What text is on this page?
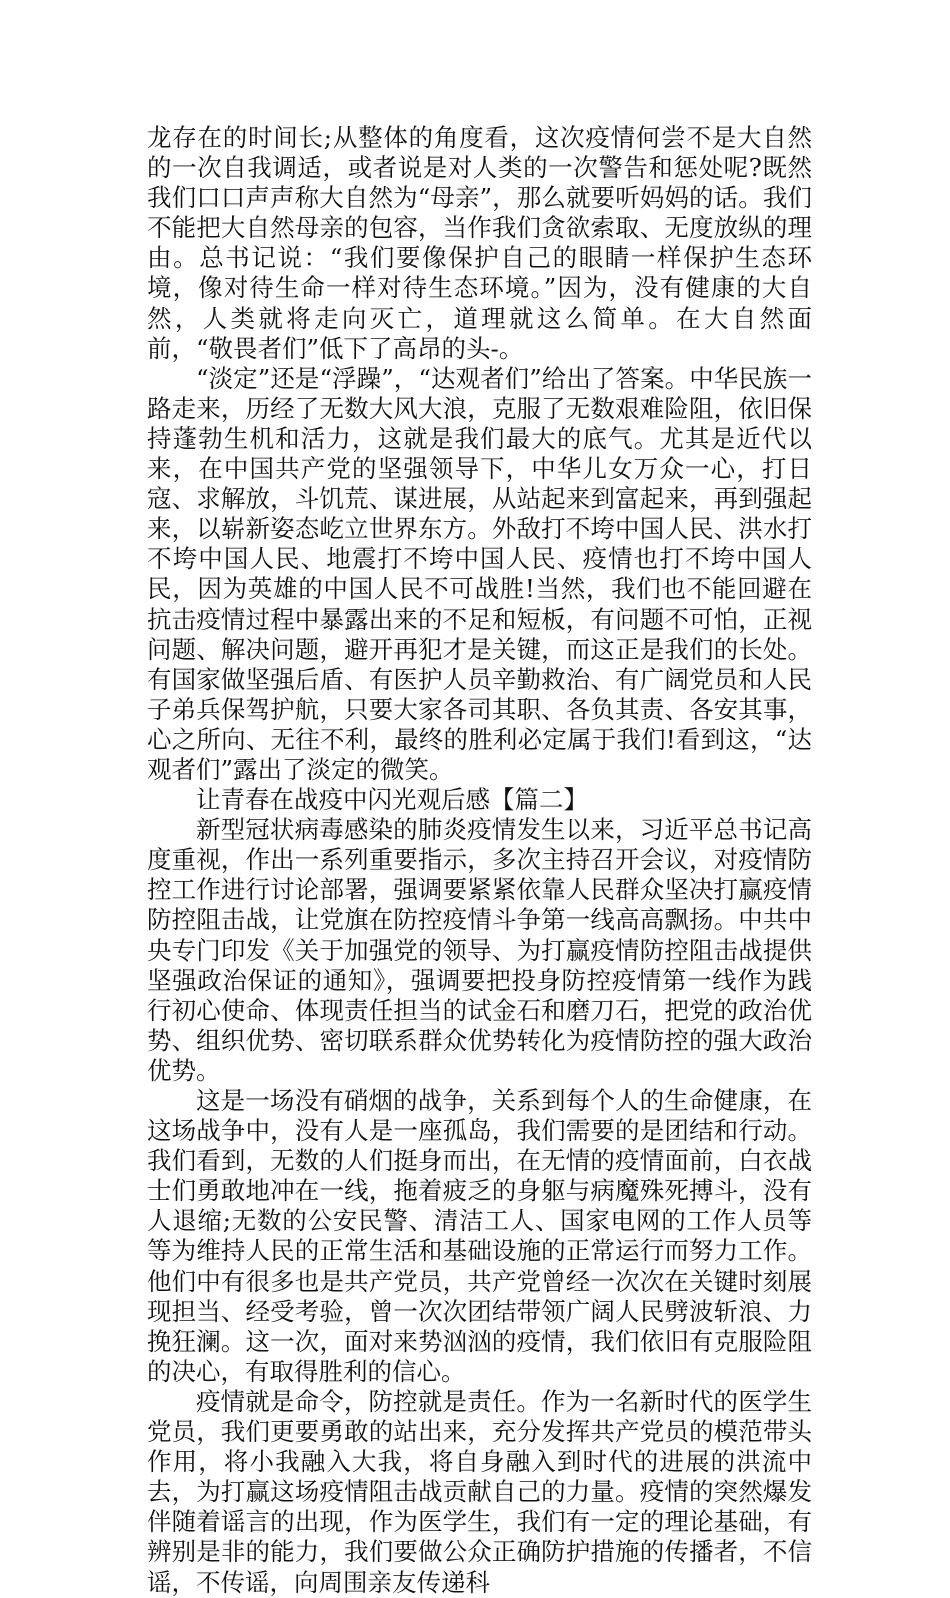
龙存在的时间长;从整体的角度看，这次疫情何尝不是大自然的一次自我调适，或者说是对人类的一次警告和惩处呢?既然我们口口声声称大自然为“母亲”，那么就要听妈妈的话。我们不能把大自然母亲的包容，当作我们贪欲索取、无度放纵的理由。总书记说：“我们要像保护自己的眼睛一样保护生态环境，像对待生命一样对待生态环境。”因为，没有健康的大自然，人类就将走向灭亡，道理就这么简单。在大自然面前，“敬畏者们”低下了高昂的头-。

“淡定”还是“浮躁”，“达观者们”给出了答案。中华民族一路走来，历经了无数大风大浪，克服了无数艰难险阻，依旧保持蓬勃生机和活力，这就是我们最大的底气。尤其是近代以来，在中国共产党的坚强领导下，中华儿女万众一心，打日寇、求解放，斗饥荒、谋进展，从站起来到富起来，再到强起来，以崭新姿态屹立世界东方。外敌打不垮中国人民、洪水打不垮中国人民、地震打不垮中国人民、疫情也打不垮中国人民，因为英雄的中国人民不可战胜!当然，我们也不能回避在抗击疫情过程中暴露出来的不足和短板，有问题不可怕，正视问题、解决问题，避开再犯才是关键，而这正是我们的长处。有国家做坚强后盾、有医护人员辛勤救治、有广阔党员和人民子弟兵保驾护航，只要大家各司其职、各负其责、各安其事，心之所向、无往不利，最终的胜利必定属于我们!看到这，“达观者们”露出了淡定的微笑。

让青春在战疫中闪光观后感【篇二】

新型冠状病毒感染的肺炎疫情发生以来，习近平总书记高度重视，作出一系列重要指示，多次主持召开会议，对疫情防控工作进行讨论部署，强调要紧紧依靠人民群众坚决打赢疫情防控阻击战，让党旗在防控疫情斗争第一线高高飘扬。中共中央专门印发《关于加强党的领导、为打赢疫情防控阻击战提供坚强政治保证的通知》，强调要把投身防控疫情第一线作为践行初心使命、体现责任担当的试金石和磨刀石，把党的政治优势、组织优势、密切联系群众优势转化为疫情防控的强大政治优势。

这是一场没有硝烟的战争，关系到每个人的生命健康，在这场战争中，没有人是一座孤岛，我们需要的是团结和行动。我们看到，无数的人们挺身而出，在无情的疫情面前，白衣战士们勇敢地冲在一线，拖着疲乏的身躯与病魔殊死搏斗，没有人退缩;无数的公安民警、清洁工人、国家电网的工作人员等等为维持人民的正常生活和基础设施的正常运行而努力工作。他们中有很多也是共产党员，共产党曾经一次次在关键时刻展现担当、经受考验，曾一次次团结带领广阔人民劈波斩浪、力挽狂澜。这一次，面对来势汹汹的疫情，我们依旧有克服险阻的决心，有取得胜利的信心。

疫情就是命令，防控就是责任。作为一名新时代的医学生党员，我们更要勇敢的站出来，充分发挥共产党员的模范带头作用，将小我融入大我，将自身融入到时代的进展的洪流中去，为打赢这场疫情阻击战贡献自己的力量。疫情的突然爆发伴随着谣言的出现，作为医学生，我们有一定的理论基础，有辨别是非的能力，我们要做公众正确防护措施的传播者，不信谣，不传谣，向周围亲友传递科
